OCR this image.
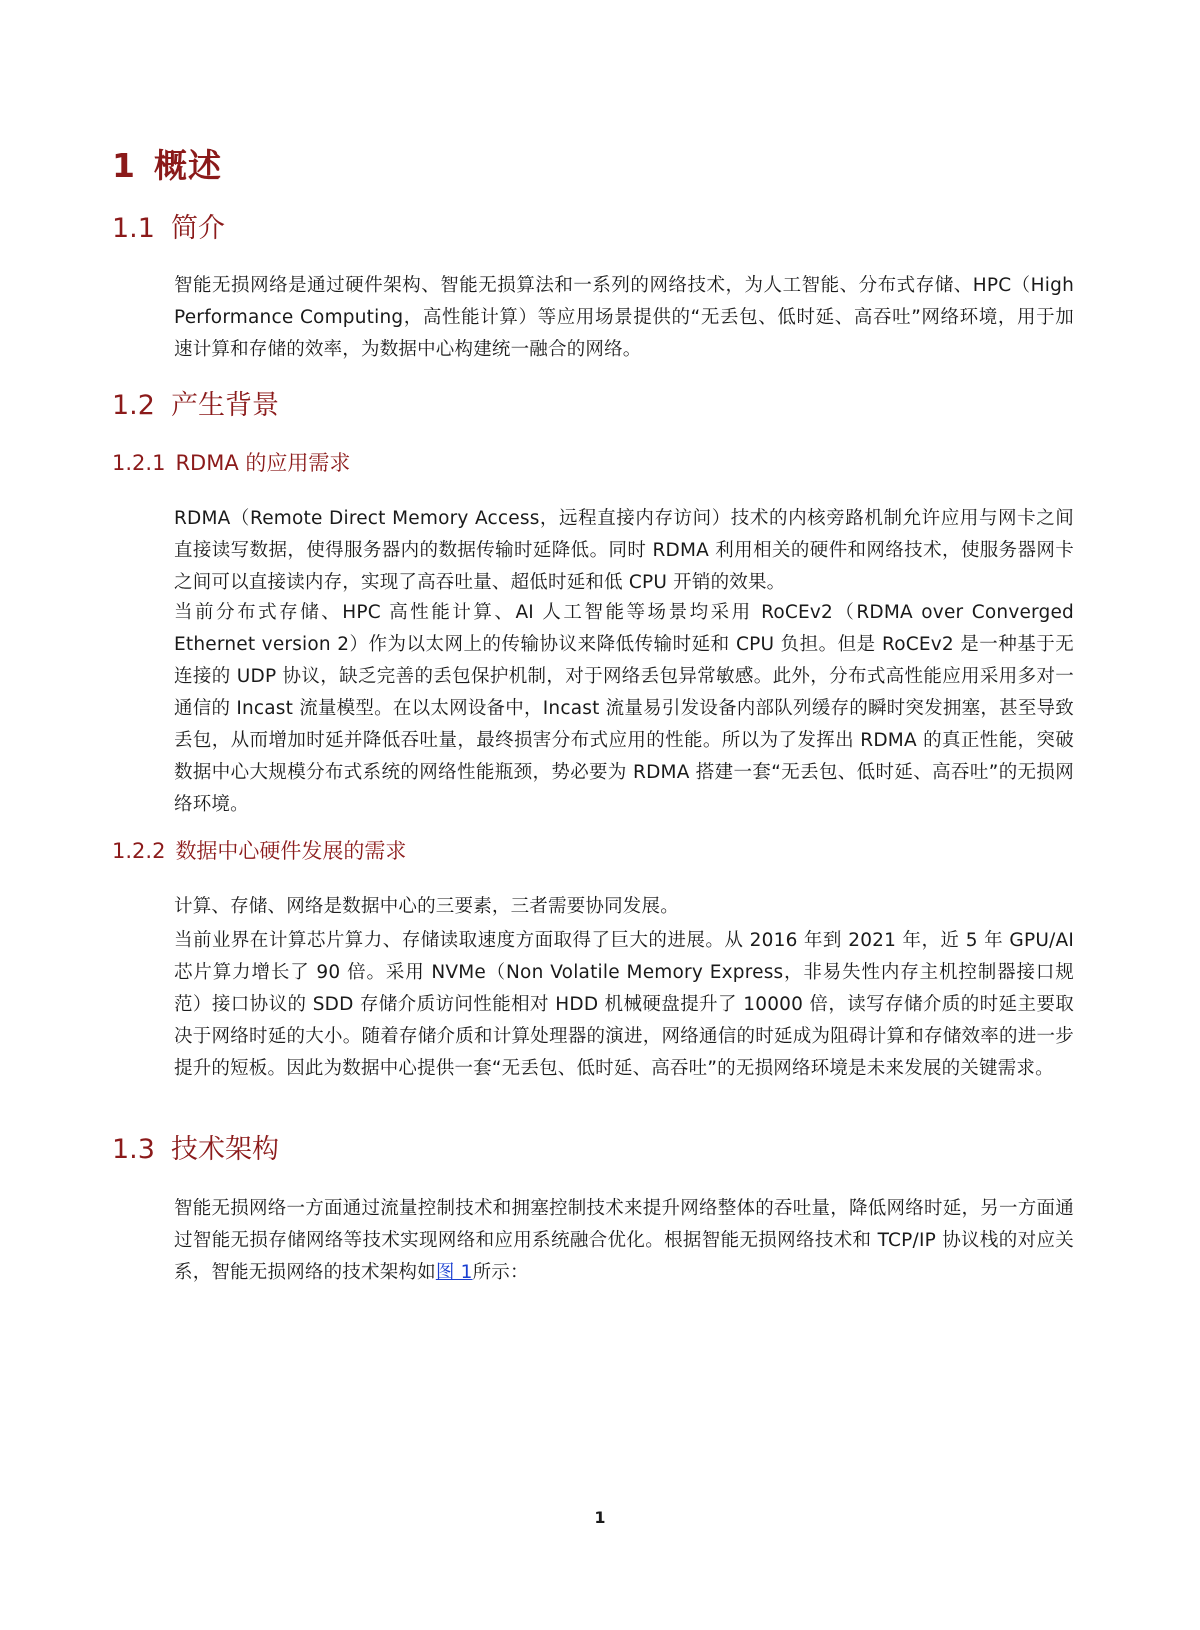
1 概述
1.1 简介

智能无损网络是通过硬件架构、智能无损算法和一系列的网络技术，为人工智能、分布式存储、HPC（High Performance Computing，高性能计算）等应用场景提供的“无丢包、低时延、高吞吐”网络环境，用于加速计算和存储的效率，为数据中心构建统一融合的网络。

1.2 产生背景
1.2.1 RDMA 的应用需求

RDMA（Remote Direct Memory Access，远程直接内存访问）技术的内核旁路机制允许应用与网卡之间直接读写数据，使得服务器内的数据传输时延降低。同时 RDMA 利用相关的硬件和网络技术，使服务器网卡之间可以直接读内存，实现了高吞吐量、超低时延和低 CPU 开销的效果。

当前分布式存储、HPC 高性能计算、AI 人工智能等场景均采用 RoCEv2（RDMA over Converged Ethernet version 2）作为以太网上的传输协议来降低传输时延和 CPU 负担。但是 RoCEv2 是一种基于无连接的 UDP 协议，缺乏完善的丢包保护机制，对于网络丢包异常敏感。此外，分布式高性能应用采用多对一通信的 Incast 流量模型。在以太网设备中，Incast 流量易引发设备内部队列缓存的瞬时突发拥塞，甚至导致丢包，从而增加时延并降低吞吐量，最终损害分布式应用的性能。所以为了发挥出 RDMA 的真正性能，突破数据中心大规模分布式系统的网络性能瓶颈，势必要为 RDMA 搭建一套“无丢包、低时延、高吞吐”的无损网络环境。

1.2.2 数据中心硬件发展的需求

计算、存储、网络是数据中心的三要素，三者需要协同发展。

当前业界在计算芯片算力、存储读取速度方面取得了巨大的进展。从 2016 年到 2021 年，近 5 年 GPU/AI 芯片算力增长了 90 倍。采用 NVMe（Non Volatile Memory Express，非易失性内存主机控制器接口规范）接口协议的 SDD 存储介质访问性能相对 HDD 机械硬盘提升了 10000 倍，读写存储介质的时延主要取决于网络时延的大小。随着存储介质和计算处理器的演进，网络通信的时延成为阻碍计算和存储效率的进一步提升的短板。因此为数据中心提供一套“无丢包、低时延、高吞吐”的无损网络环境是未来发展的关键需求。

1.3 技术架构

智能无损网络一方面通过流量控制技术和拥塞控制技术来提升网络整体的吞吐量，降低网络时延，另一方面通过智能无损存储网络等技术实现网络和应用系统融合优化。根据智能无损网络技术和 TCP/IP 协议栈的对应关系，智能无损网络的技术架构如图 1所示：

1
